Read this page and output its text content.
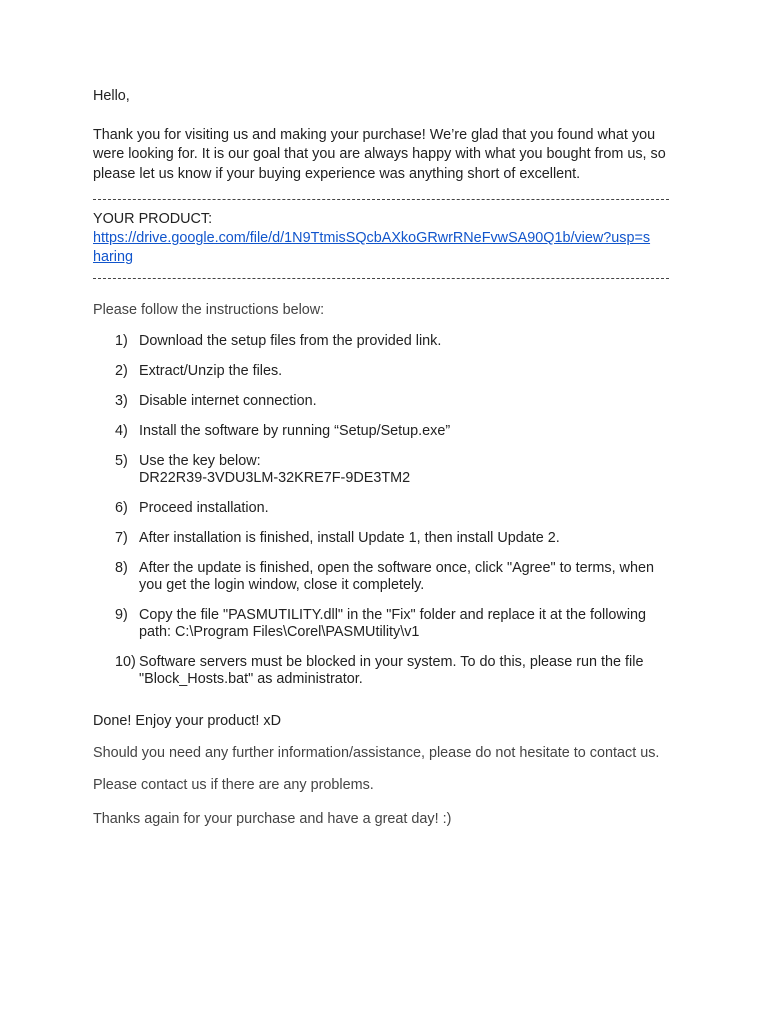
Hello,

Thank you for visiting us and making your purchase! We’re glad that you found what you were looking for. It is our goal that you are always happy with what you bought from us, so please let us know if your buying experience was anything short of excellent.

YOUR PRODUCT:
https://drive.google.com/file/d/1N9TtmisSQcbAXkoGRwrRNeFvwSA90Q1b/view?usp=sharing

Please follow the instructions below:

1) Download the setup files from the provided link.
2) Extract/Unzip the files.
3) Disable internet connection.
4) Install the software by running “Setup/Setup.exe”
5) Use the key below:
DR22R39-3VDU3LM-32KRE7F-9DE3TM2
6) Proceed installation.
7) After installation is finished, install Update 1, then install Update 2.
8) After the update is finished, open the software once, click "Agree" to terms, when you get the login window, close it completely.
9) Copy the file "PASMUTILITY.dll" in the "Fix" folder and replace it at the following path: C:\Program Files\Corel\PASMUtility\v1
10) Software servers must be blocked in your system. To do this, please run the file "Block_Hosts.bat" as administrator.

Done! Enjoy your product! xD

Should you need any further information/assistance, please do not hesitate to contact us.

Please contact us if there are any problems.

Thanks again for your purchase and have a great day! :)
